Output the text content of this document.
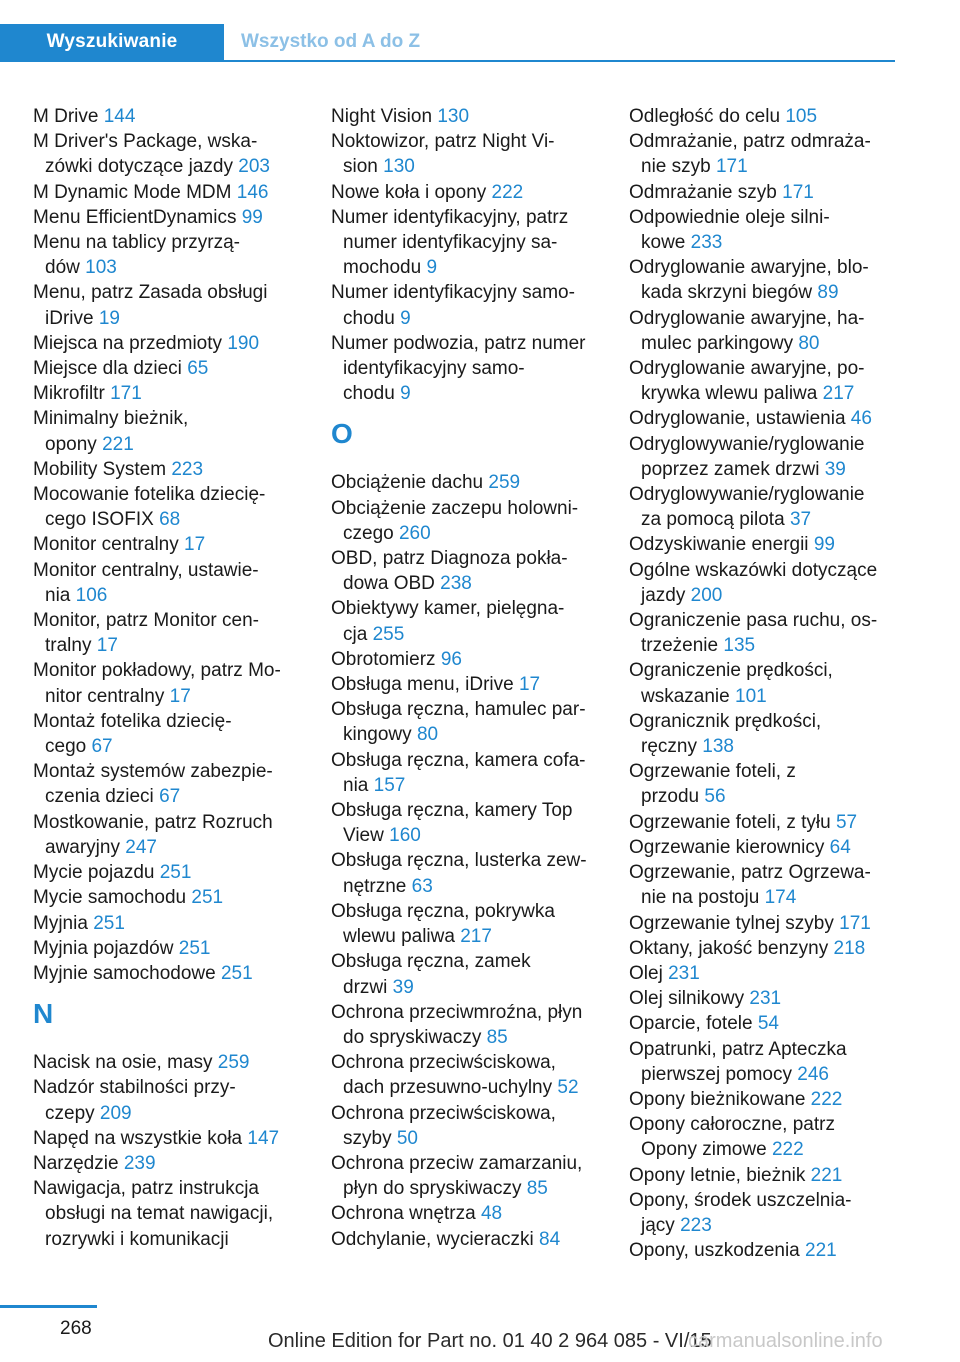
Wyszukiwanie	Wszystko od A do Z
M Drive 144
M Driver's Package, wska-
zówki dotyczące jazdy 203
M Dynamic Mode MDM 146
Menu EfficientDynamics 99
Menu na tablicy przyrzą-
dów 103
Menu, patrz Zasada obsługi
iDrive 19
Miejsca na przedmioty 190
Miejsce dla dzieci 65
Mikrofiltr 171
Minimalny bieżnik,
opony 221
Mobility System 223
Mocowanie fotelika dziecię-
cego ISOFIX 68
Monitor centralny 17
Monitor centralny, ustawie-
nia 106
Monitor, patrz Monitor cen-
tralny 17
Monitor pokładowy, patrz Mo-
nitor centralny 17
Montaż fotelika dziecię-
cego 67
Montaż systemów zabezpie-
czenia dzieci 67
Mostkowanie, patrz Rozruch
awaryjny 247
Mycie pojazdu 251
Mycie samochodu 251
Myjnia 251
Myjnia pojazdów 251
Myjnie samochodowe 251
N
Nacisk na osie, masy 259
Nadzór stabilności przy-
czepy 209
Napęd na wszystkie koła 147
Narzędzie 239
Nawigacja, patrz instrukcja
obsługi na temat nawigacji,
rozrywki i komunikacji
Night Vision 130
Noktowizor, patrz Night Vi-
sion 130
Nowe koła i opony 222
Numer identyfikacyjny, patrz
numer identyfikacyjny sa-
mochodu 9
Numer identyfikacyjny samo-
chodu 9
Numer podwozia, patrz numer
identyfikacyjny samo-
chodu 9
O
Obciążenie dachu 259
Obciążenie zaczepu holowni-
czego 260
OBD, patrz Diagnoza pokła-
dowa OBD 238
Obiektywy kamer, pielęgna-
cja 255
Obrotomierz 96
Obsługa menu, iDrive 17
Obsługa ręczna, hamulec par-
kingowy 80
Obsługa ręczna, kamera cofa-
nia 157
Obsługa ręczna, kamery Top
View 160
Obsługa ręczna, lusterka zew-
nętrzne 63
Obsługa ręczna, pokrywka
wlewu paliwa 217
Obsługa ręczna, zamek
drzwi 39
Ochrona przeciwmroźna, płyn
do spryskiwaczy 85
Ochrona przeciwściskowa,
dach przesuwno-uchylny 52
Ochrona przeciwściskowa,
szyby 50
Ochrona przeciw zamarzaniu,
płyn do spryskiwaczy 85
Ochrona wnętrza 48
Odchylanie, wycieraczki 84
Odległość do celu 105
Odmrażanie, patrz odmraża-
nie szyb 171
Odmrażanie szyb 171
Odpowiednie oleje silni-
kowe 233
Odryglowanie awaryjne, blo-
kada skrzyni biegów 89
Odryglowanie awaryjne, ha-
mulec parkingowy 80
Odryglowanie awaryjne, po-
krywka wlewu paliwa 217
Odryglowanie, ustawienia 46
Odryglowywanie/ryglowanie
poprzez zamek drzwi 39
Odryglowywanie/ryglowanie
za pomocą pilota 37
Odzyskiwanie energii 99
Ogólne wskazówki dotyczące
jazdy 200
Ograniczenie pasa ruchu, os-
trzeżenie 135
Ograniczenie prędkości,
wskazanie 101
Ogranicznik prędkości,
ręczny 138
Ogrzewanie foteli, z
przodu 56
Ogrzewanie foteli, z tyłu 57
Ogrzewanie kierownicy 64
Ogrzewanie, patrz Ogrzewa-
nie na postoju 174
Ogrzewanie tylnej szyby 171
Oktany, jakość benzyny 218
Olej 231
Olej silnikowy 231
Oparcie, fotele 54
Opatrunki, patrz Apteczka
pierwszej pomocy 246
Opony bieżnikowane 222
Opony całoroczne, patrz
Opony zimowe 222
Opony letnie, bieżnik 221
Opony, środek uszczelnia-
jący 223
Opony, uszkodzenia 221
268
Online Edition for Part no. 01 40 2 964 085 - VI/15
carmanualsonline.info
